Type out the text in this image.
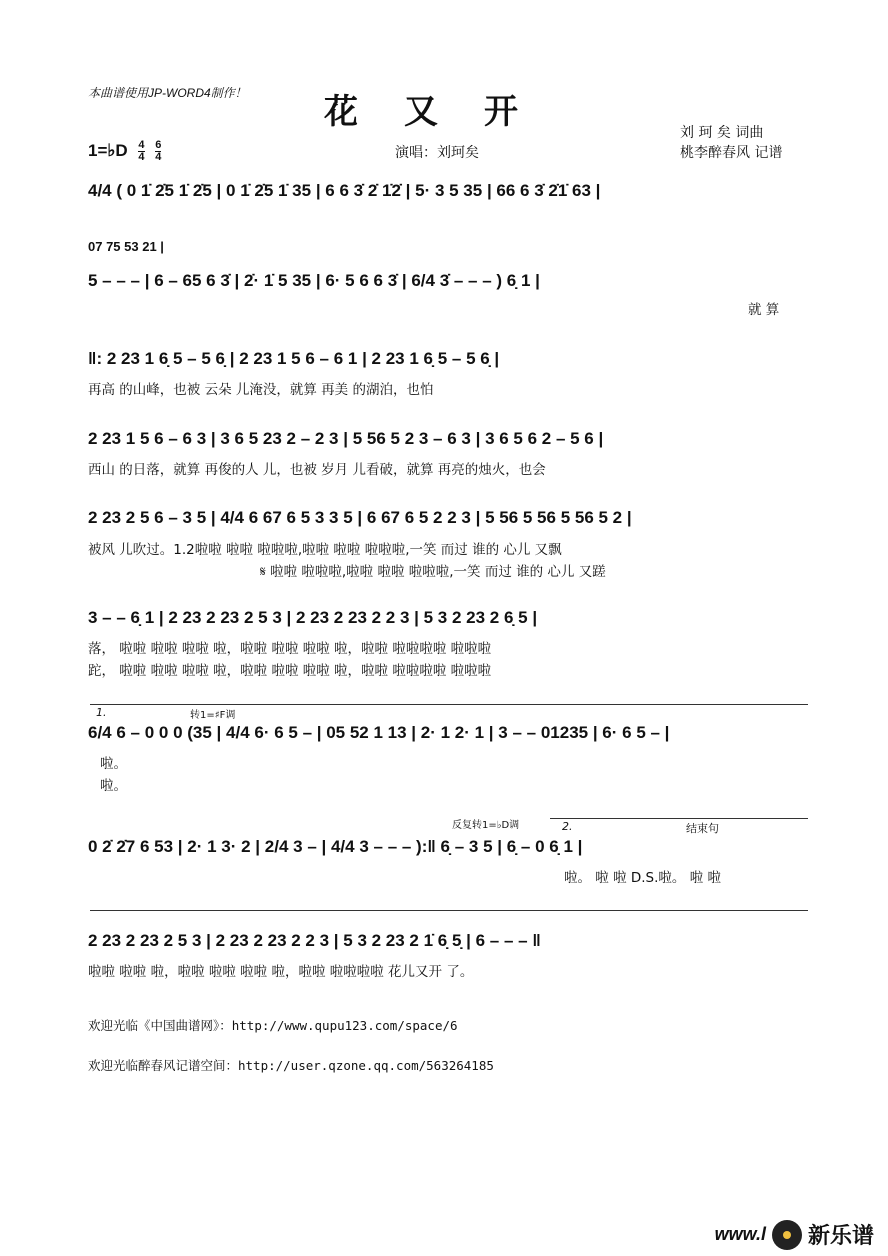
本曲谱使用JP-WORD4制作！	花又开
刘 珂 矣 词曲
桃李醉春风 记谱
演唱：刘珂矣
1=♭D $\frac{4}{4}$
$\frac{6}{4}$
4/4 ( 0 1̇ 2̇5 1̇ 2̇5 | 0 1̇ 2̇5 1̇ 35 | 6 6 3̇ 2̇ 1̇2̇ | 5· 3 5 35 | 66 6 3̇ 2̇1̇ 63 |
07 75 53 21 |
5 – – – | 6 – 65 6 3̇ | 2̇· 1̇ 5 35 | 6· 5 6 6 3̇ | 6/4 3̇ – – – ) 6̣ 1 |
就 算
‖: 2 23 1 6̣ 5 – 5 6̣ | 2 23 1 5 6 – 6 1 | 2 23 1 6̣ 5 – 5 6̣ |
再高 的山峰，也被 云朵 儿淹没，就算 再美 的湖泊，也怕
2 23 1 5 6 – 6 3 | 3 6 5 23 2 – 2 3 | 5 56 5 2 3 – 6 3 | 3 6 5 6 2 – 5 6 |
西山 的日落，就算 再俊的人 儿，也被 岁月 儿看破，就算 再亮的烛火，也会
2 23 2 5 6 – 3 5 | 4/4 6 67 6 5 3 3 5 | 6 67 6 5 2 2 3 | 5 56 5 56 5 56 5 2 |
被风 儿吹过。1.2啦啦 啦啦 啦啦啦,啦啦 啦啦 啦啦啦,一笑 而过 谁的 心儿 又飘
𝄋 啦啦 啦啦啦,啦啦 啦啦 啦啦啦,一笑 而过 谁的 心儿 又蹉
3 – – 6̣ 1 | 2 23 2 23 2 5 3 | 2 23 2 23 2 2 3 | 5 3 2 23 2 6̣ 5 |
落， 啦啦 啦啦 啦啦 啦，啦啦 啦啦 啦啦 啦，啦啦 啦啦啦啦 啦啦啦
跎， 啦啦 啦啦 啦啦 啦，啦啦 啦啦 啦啦 啦，啦啦 啦啦啦啦 啦啦啦
1.	转1=♯F调
6/4 6 – 0 0 0 (35 | 4/4 6· 6 5 – | 05 52 1 13 | 2· 1 2· 1 | 3 – – 01235 | 6· 6 5 – |
啦。
啦。
反复转1=♭D调	2.	结束句
0 2̇ 2̇7 6 53 | 2· 1 3· 2 | 2/4 3 – | 4/4 3 – – – ):‖ 6̣ – 3 5 | 6̣ – 0 6̣ 1 |
啦。 啦 啦 D.S.啦。 啦 啦
2 23 2 23 2 5 3 | 2 23 2 23 2 2 3 | 5 3 2 23 2 1̇ 6̣ 5̣ | 6 – – – ‖
啦啦 啦啦 啦，啦啦 啦啦 啦啦 啦，啦啦 啦啦啦啦 花儿又开 了。
欢迎光临《中国曲谱网》：http://www.qupu123.com/space/6
欢迎光临醉春风记谱空间：http://user.qzone.qq.com/563264185
www.l 新乐谱
